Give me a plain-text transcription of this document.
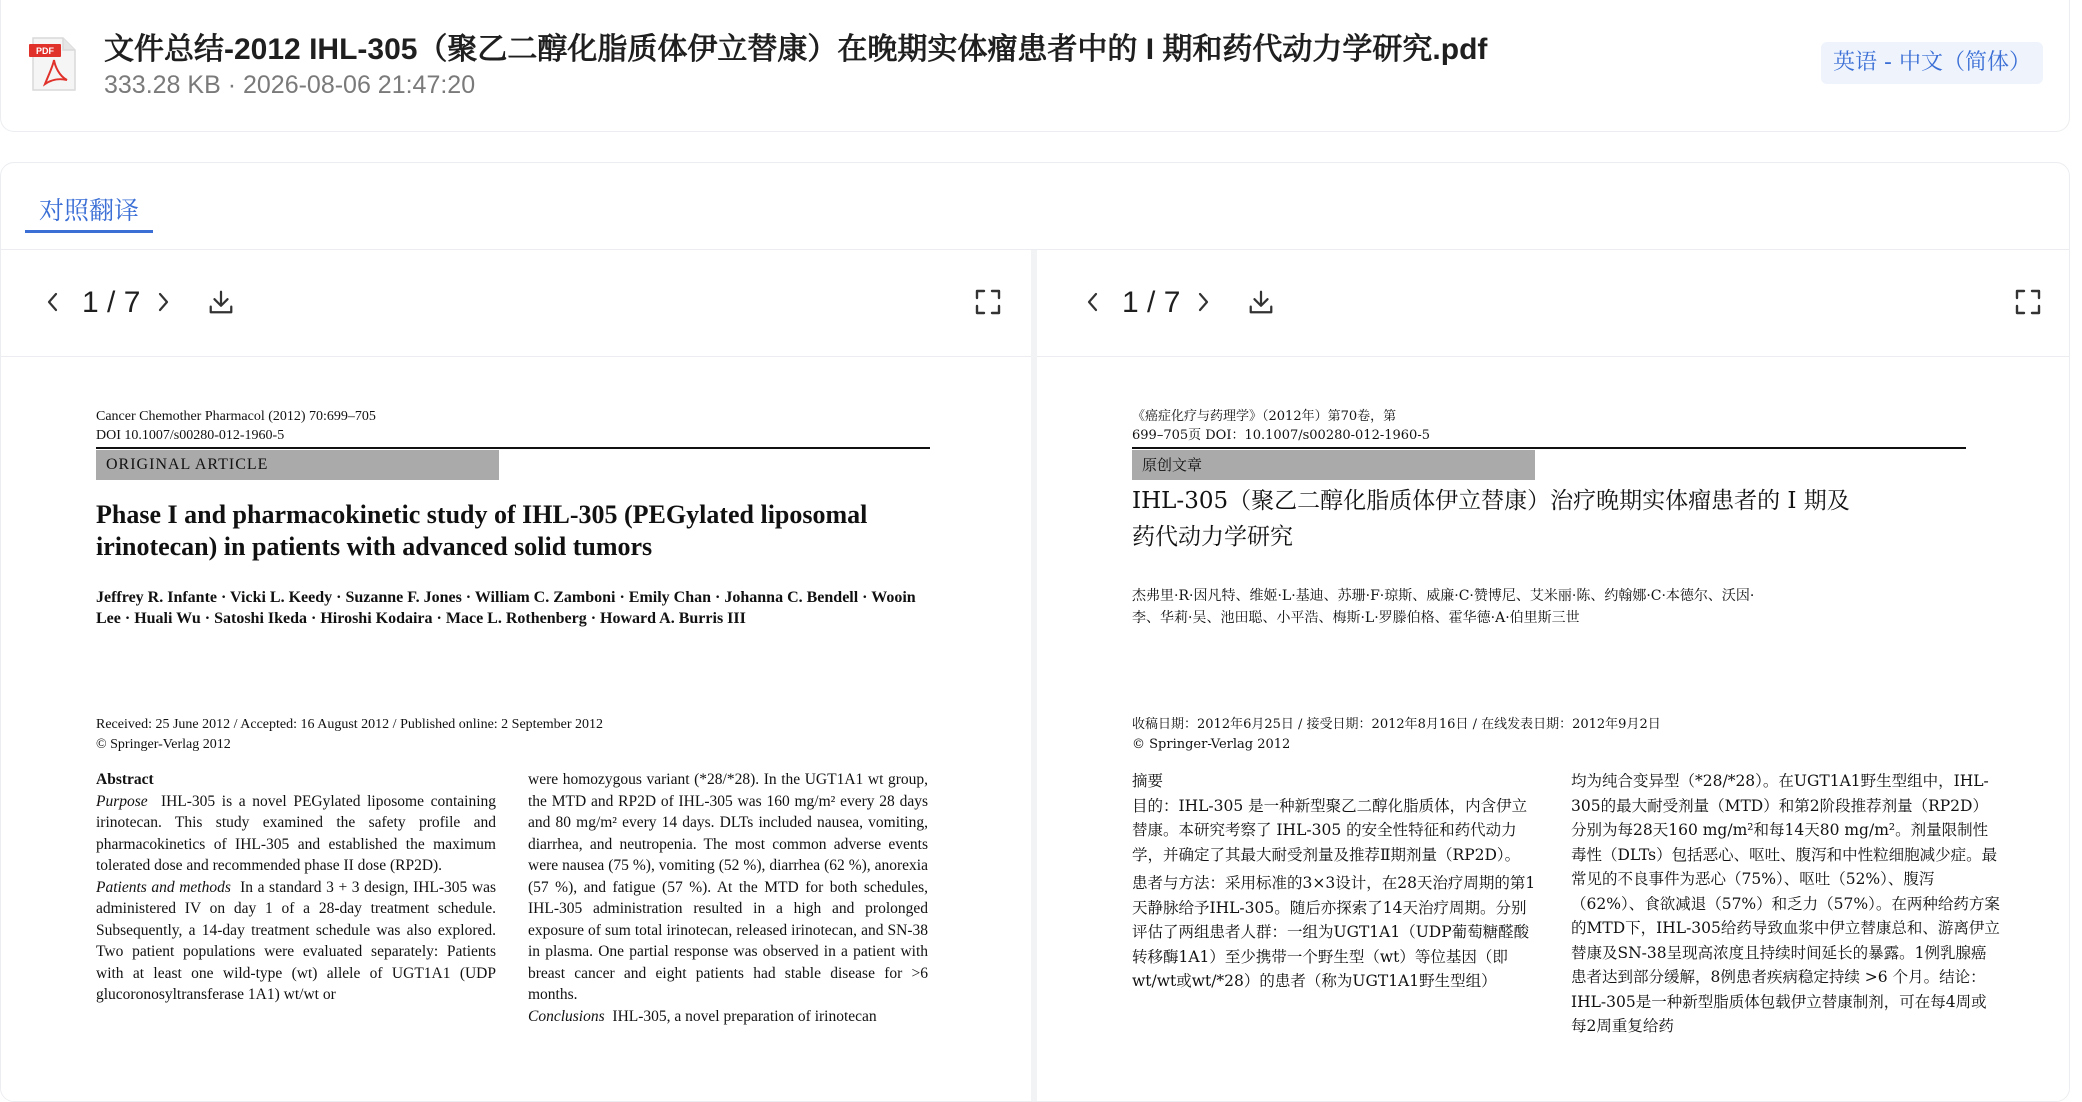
PDF 文件总结-2012 IHL-305（聚乙二醇化脂质体伊立替康）在晚期实体瘤患者中的 I 期和药代动力学研究.pdf
333.28 KB · 2026-08-06 21:47:20
英语 - 中文（简体）
对照翻译
1 / 7
Cancer Chemother Pharmacol (2012) 70:699–705
DOI 10.1007/s00280-012-1960-5
ORIGINAL ARTICLE
Phase I and pharmacokinetic study of IHL-305 (PEGylated liposomal irinotecan) in patients with advanced solid tumors
Jeffrey R. Infante · Vicki L. Keedy · Suzanne F. Jones · William C. Zamboni · Emily Chan · Johanna C. Bendell · Wooin Lee · Huali Wu · Satoshi Ikeda · Hiroshi Kodaira · Mace L. Rothenberg · Howard A. Burris III
Received: 25 June 2012 / Accepted: 16 August 2012 / Published online: 2 September 2012
© Springer-Verlag 2012
Abstract
Purpose IHL-305 is a novel PEGylated liposome containing irinotecan. This study examined the safety profile and pharmacokinetics of IHL-305 and established the maximum tolerated dose and recommended phase II dose (RP2D).
Patients and methods In a standard 3 + 3 design, IHL-305 was administered IV on day 1 of a 28-day treatment schedule. Subsequently, a 14-day treatment schedule was also explored. Two patient populations were evaluated separately: Patients with at least one wild-type (wt) allele of UGT1A1 (UDP glucoronosyltransferase 1A1) wt/wt or
were homozygous variant (*28/*28). In the UGT1A1 wt group, the MTD and RP2D of IHL-305 was 160 mg/m² every 28 days and 80 mg/m² every 14 days. DLTs included nausea, vomiting, diarrhea, and neutropenia. The most common adverse events were nausea (75 %), vomiting (52 %), diarrhea (62 %), anorexia (57 %), and fatigue (57 %). At the MTD for both schedules, IHL-305 administration resulted in a high and prolonged exposure of sum total irinotecan, released irinotecan, and SN-38 in plasma. One partial response was observed in a patient with breast cancer and eight patients had stable disease for >6 months.
Conclusions IHL-305, a novel preparation of irinotecan
1 / 7
《癌症化疗与药理学》（2012年）第70卷，第
699–705页 DOI：10.1007/s00280-012-1960-5
原创文章
IHL-305（聚乙二醇化脂质体伊立替康）治疗晚期实体瘤患者的 I 期及药代动力学研究
杰弗里·R·因凡特、维姬·L·基迪、苏珊·F·琼斯、威廉·C·赞博尼、艾米丽·陈、约翰娜·C·本德尔、沃因·李、华莉·吴、池田聪、小平浩、梅斯·L·罗滕伯格、霍华德·A·伯里斯三世
收稿日期：2012年6月25日 / 接受日期：2012年8月16日 / 在线发表日期：2012年9月2日
© Springer-Verlag 2012
摘要
目的：IHL-305 是一种新型聚乙二醇化脂质体，内含伊立替康。本研究考察了 IHL-305 的安全性特征和药代动力学，并确定了其最大耐受剂量及推荐Ⅱ期剂量（RP2D）。
患者与方法：采用标准的3×3设计，在28天治疗周期的第1天静脉给予IHL-305。随后亦探索了14天治疗周期。分别评估了两组患者人群：一组为UGT1A1（UDP葡萄糖醛酸转移酶1A1）至少携带一个野生型（wt）等位基因（即wt/wt或wt/*28）的患者（称为UGT1A1野生型组）
均为纯合变异型（*28/*28）。在UGT1A1野生型组中，IHL-305的最大耐受剂量（MTD）和第2阶段推荐剂量（RP2D）分别为每28天160 mg/m²和每14天80 mg/m²。剂量限制性毒性（DLTs）包括恶心、呕吐、腹泻和中性粒细胞减少症。最常见的不良事件为恶心（75%）、呕吐（52%）、腹泻（62%）、食欲减退（57%）和乏力（57%）。在两种给药方案的MTD下，IHL-305给药导致血浆中伊立替康总和、游离伊立替康及SN-38呈现高浓度且持续时间延长的暴露。1例乳腺癌患者达到部分缓解，8例患者疾病稳定持续 >6 个月。结论：IHL-305是一种新型脂质体包载伊立替康制剂，可在每4周或每2周重复给药
